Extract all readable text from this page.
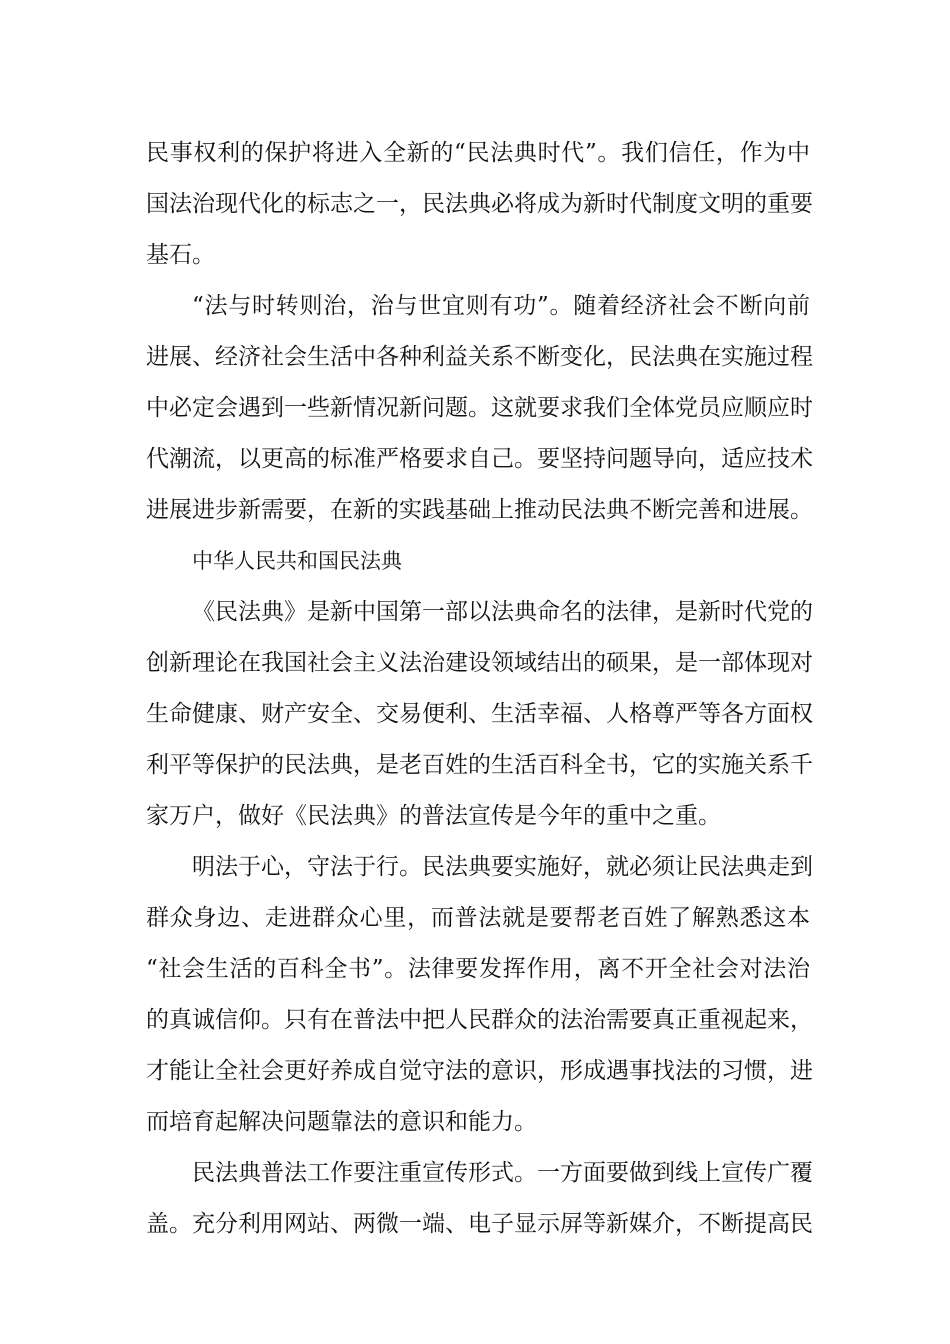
民事权利的保护将进入全新的“民法典时代”。我们信任，作为中
国法治现代化的标志之一，民法典必将成为新时代制度文明的重要
基石。
“法与时转则治，治与世宜则有功”。随着经济社会不断向前
进展、经济社会生活中各种利益关系不断变化，民法典在实施过程
中必定会遇到一些新情况新问题。这就要求我们全体党员应顺应时
代潮流，以更高的标准严格要求自己。要坚持问题导向，适应技术
进展进步新需要，在新的实践基础上推动民法典不断完善和进展。
中华人民共和国民法典
《民法典》是新中国第一部以法典命名的法律，是新时代党的
创新理论在我国社会主义法治建设领域结出的硕果，是一部体现对
生命健康、财产安全、交易便利、生活幸福、人格尊严等各方面权
利平等保护的民法典，是老百姓的生活百科全书，它的实施关系千
家万户，做好《民法典》的普法宣传是今年的重中之重。
明法于心，守法于行。民法典要实施好，就必须让民法典走到
群众身边、走进群众心里，而普法就是要帮老百姓了解熟悉这本
“社会生活的百科全书”。法律要发挥作用，离不开全社会对法治
的真诚信仰。只有在普法中把人民群众的法治需要真正重视起来，
才能让全社会更好养成自觉守法的意识，形成遇事找法的习惯，进
而培育起解决问题靠法的意识和能力。
民法典普法工作要注重宣传形式。一方面要做到线上宣传广覆
盖。充分利用网站、两微一端、电子显示屏等新媒介，不断提高民
